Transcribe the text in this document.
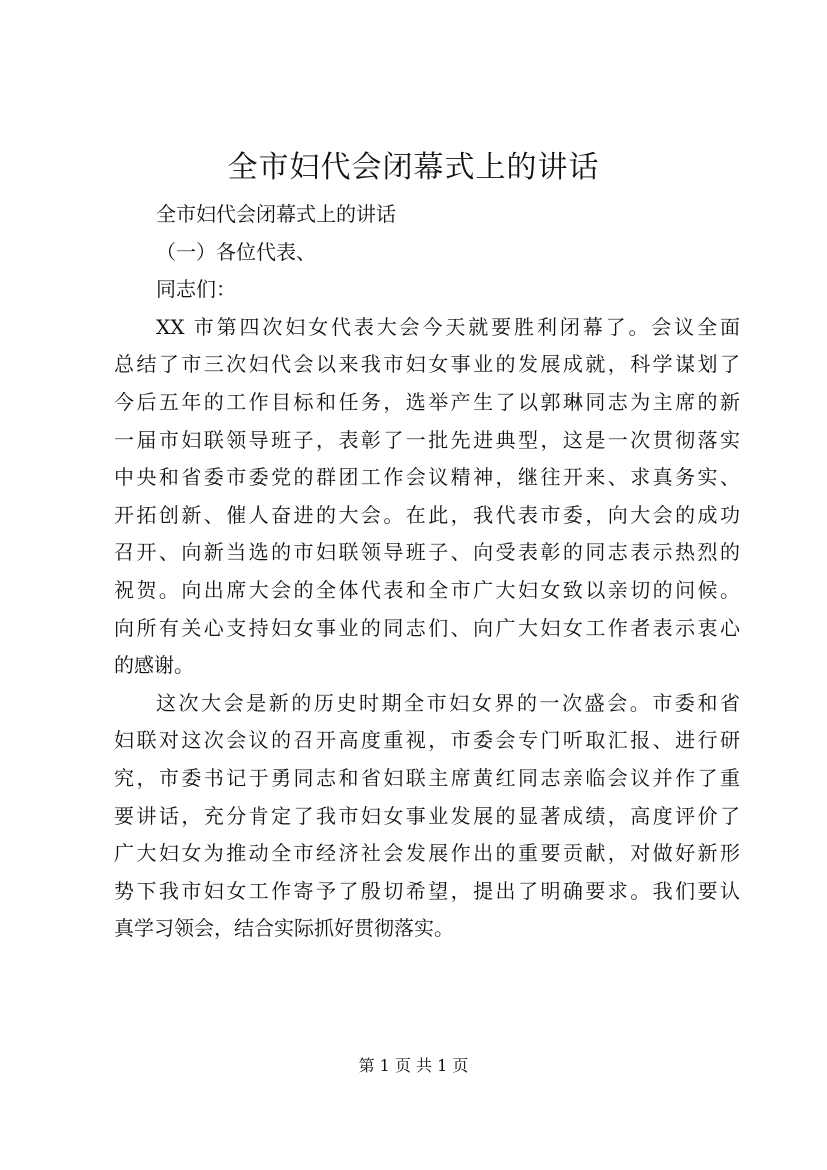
全市妇代会闭幕式上的讲话
全市妇代会闭幕式上的讲话
（一）各位代表、
同志们：
XX 市第四次妇女代表大会今天就要胜利闭幕了。会议全面
总结了市三次妇代会以来我市妇女事业的发展成就，科学谋划了
今后五年的工作目标和任务，选举产生了以郭琳同志为主席的新
一届市妇联领导班子，表彰了一批先进典型，这是一次贯彻落实
中央和省委市委党的群团工作会议精神，继往开来、求真务实、
开拓创新、催人奋进的大会。在此，我代表市委，向大会的成功
召开、向新当选的市妇联领导班子、向受表彰的同志表示热烈的
祝贺。向出席大会的全体代表和全市广大妇女致以亲切的问候。
向所有关心支持妇女事业的同志们、向广大妇女工作者表示衷心
的感谢。
这次大会是新的历史时期全市妇女界的一次盛会。市委和省
妇联对这次会议的召开高度重视，市委会专门听取汇报、进行研
究，市委书记于勇同志和省妇联主席黄红同志亲临会议并作了重
要讲话，充分肯定了我市妇女事业发展的显著成绩，高度评价了
广大妇女为推动全市经济社会发展作出的重要贡献，对做好新形
势下我市妇女工作寄予了殷切希望，提出了明确要求。我们要认
真学习领会，结合实际抓好贯彻落实。
第 1 页 共 1 页
